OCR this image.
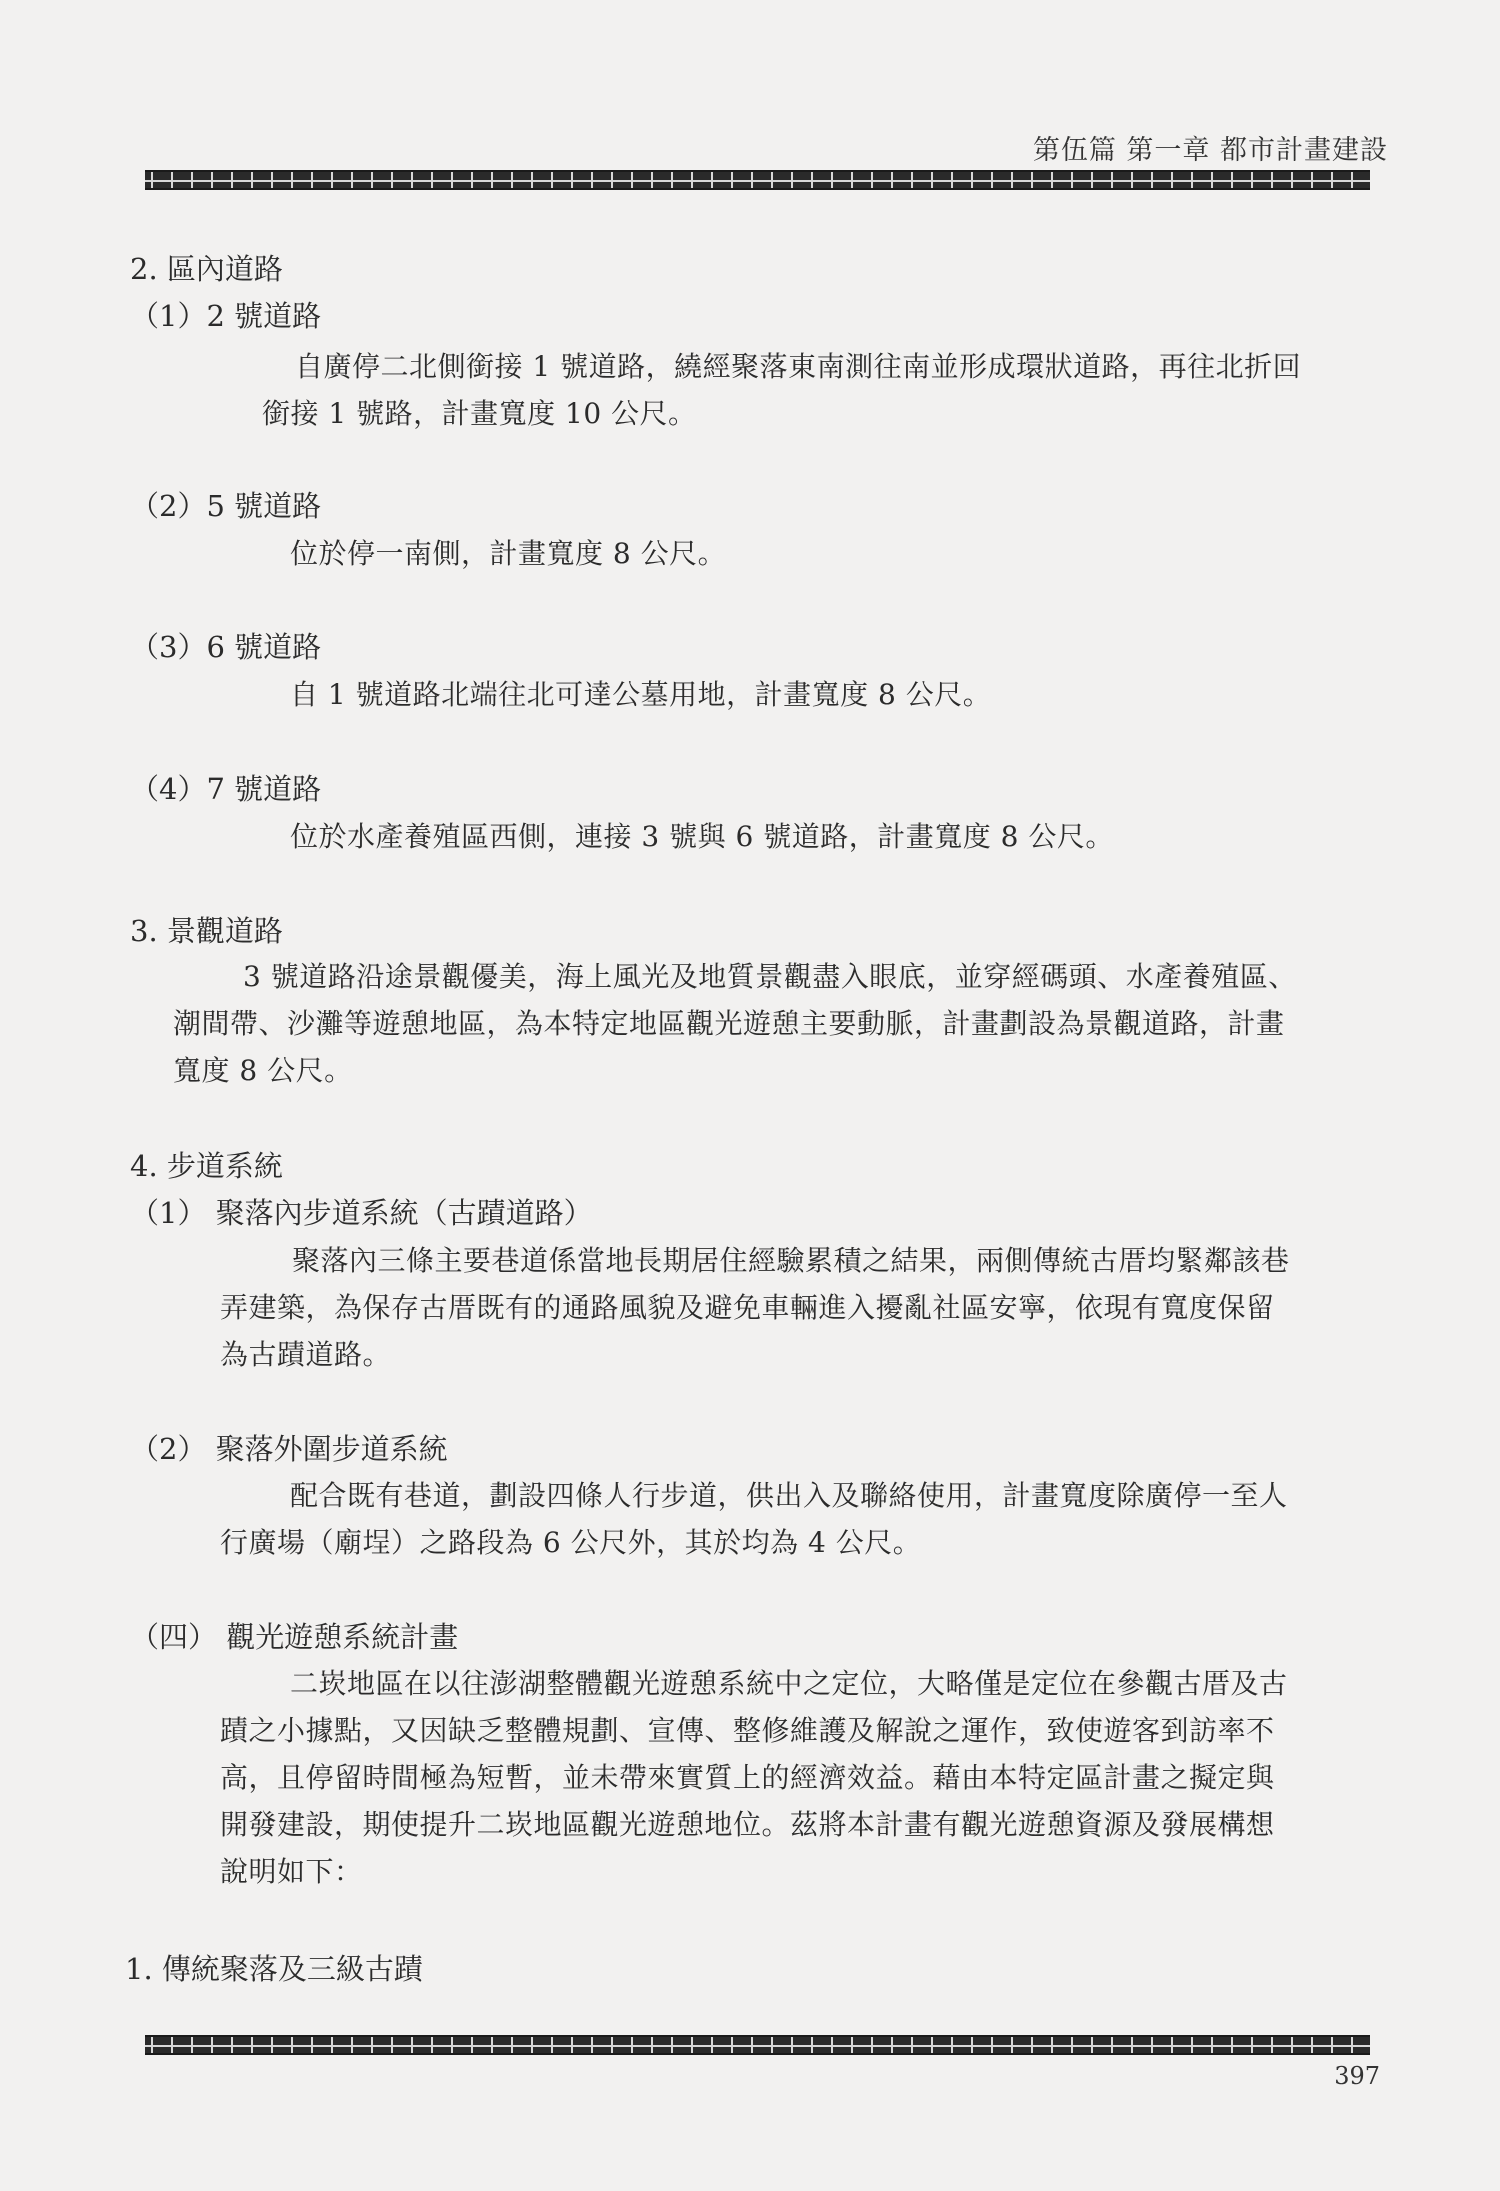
第伍篇 第一章 都市計畫建設
2. 區內道路
（1）2 號道路
自廣停二北側銜接 1 號道路，繞經聚落東南測往南並形成環狀道路，再往北折回
銜接 1 號路，計畫寬度 10 公尺。
（2）5 號道路
位於停一南側，計畫寬度 8 公尺。
（3）6 號道路
自 1 號道路北端往北可達公墓用地，計畫寬度 8 公尺。
（4）7 號道路
位於水產養殖區西側，連接 3 號與 6 號道路，計畫寬度 8 公尺。
3. 景觀道路
3 號道路沿途景觀優美，海上風光及地質景觀盡入眼底，並穿經碼頭、水產養殖區、
潮間帶、沙灘等遊憩地區，為本特定地區觀光遊憩主要動脈，計畫劃設為景觀道路，計畫
寬度 8 公尺。
4. 步道系統
（1） 聚落內步道系統（古蹟道路）
聚落內三條主要巷道係當地長期居住經驗累積之結果，兩側傳統古厝均緊鄰該巷
弄建築，為保存古厝既有的通路風貌及避免車輛進入擾亂社區安寧，依現有寬度保留
為古蹟道路。
（2） 聚落外圍步道系統
配合既有巷道，劃設四條人行步道，供出入及聯絡使用，計畫寬度除廣停一至人
行廣場（廟埕）之路段為 6 公尺外，其於均為 4 公尺。
（四） 觀光遊憩系統計畫
二崁地區在以往澎湖整體觀光遊憩系統中之定位，大略僅是定位在參觀古厝及古
蹟之小據點，又因缺乏整體規劃、宣傳、整修維護及解說之運作，致使遊客到訪率不
高，且停留時間極為短暫，並未帶來實質上的經濟效益。藉由本特定區計畫之擬定與
開發建設，期使提升二崁地區觀光遊憩地位。茲將本計畫有觀光遊憩資源及發展構想
說明如下：
1. 傳統聚落及三級古蹟
397
